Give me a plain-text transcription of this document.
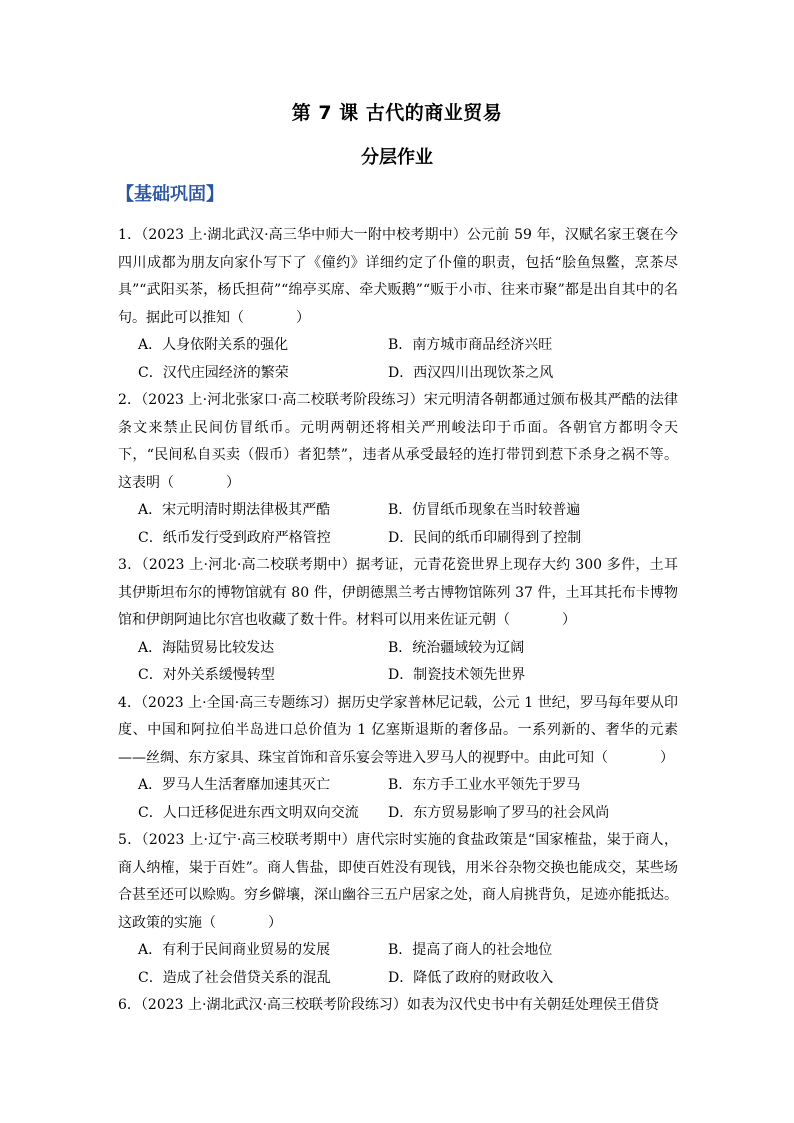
第 7 课 古代的商业贸易
分层作业
【基础巩固】

1．（2023 上·湖北武汉·高三华中师大一附中校考期中）公元前 59 年，汉赋名家王褒在今四川成都为朋友向家仆写下了《僮约》详细约定了仆僮的职责，包括“脍鱼炰鳖，烹茶尽具”“武阳买茶，杨氏担荷”“绵亭买席、牵犬贩鹅”“贩于小市、往来市聚”都是出自其中的名句。据此可以推知（	）

A．人身依附关系的强化	B．南方城市商品经济兴旺
C．汉代庄园经济的繁荣	D．西汉四川出现饮茶之风

2．（2023 上·河北张家口·高二校联考阶段练习）宋元明清各朝都通过颁布极其严酷的法律条文来禁止民间仿冒纸币。元明两朝还将相关严刑峻法印于币面。各朝官方都明令天下，“民间私自买卖（假币）者犯禁”，违者从承受最轻的连打带罚到惹下杀身之祸不等。这表明（	）

A．宋元明清时期法律极其严酷	B．仿冒纸币现象在当时较普遍
C．纸币发行受到政府严格管控	D．民间的纸币印刷得到了控制

3．（2023 上·河北·高二校联考期中）据考证，元青花瓷世界上现存大约 300 多件，土耳其伊斯坦布尔的博物馆就有 80 件，伊朗德黑兰考古博物馆陈列 37 件，土耳其托布卡博物馆和伊朗阿迪比尔宫也收藏了数十件。材料可以用来佐证元朝（	）

A．海陆贸易比较发达	B．统治疆域较为辽阔
C．对外关系缓慢转型	D．制瓷技术领先世界

4．（2023 上·全国·高三专题练习）据历史学家普林尼记载，公元 1 世纪，罗马每年要从印度、中国和阿拉伯半岛进口总价值为 1 亿塞斯退斯的奢侈品。一系列新的、奢华的元素——丝绸、东方家具、珠宝首饰和音乐宴会等进入罗马人的视野中。由此可知（	）

A．罗马人生活奢靡加速其灭亡	B．东方手工业水平领先于罗马
C．人口迁移促进东西文明双向交流	D．东方贸易影响了罗马的社会风尚

5．（2023 上·辽宁·高三校联考期中）唐代宗时实施的食盐政策是“国家榷盐，粜于商人，商人纳榷，粜于百姓”。商人售盐，即使百姓没有现钱，用米谷杂物交换也能成交，某些场合甚至还可以赊购。穷乡僻壤，深山幽谷三五户居家之处，商人肩挑背负，足迹亦能抵达。这政策的实施（	）

A．有利于民间商业贸易的发展	B．提高了商人的社会地位
C．造成了社会借贷关系的混乱	D．降低了政府的财政收入

6．（2023 上·湖北武汉·高三校联考阶段练习）如表为汉代史书中有关朝廷处理侯王借贷
